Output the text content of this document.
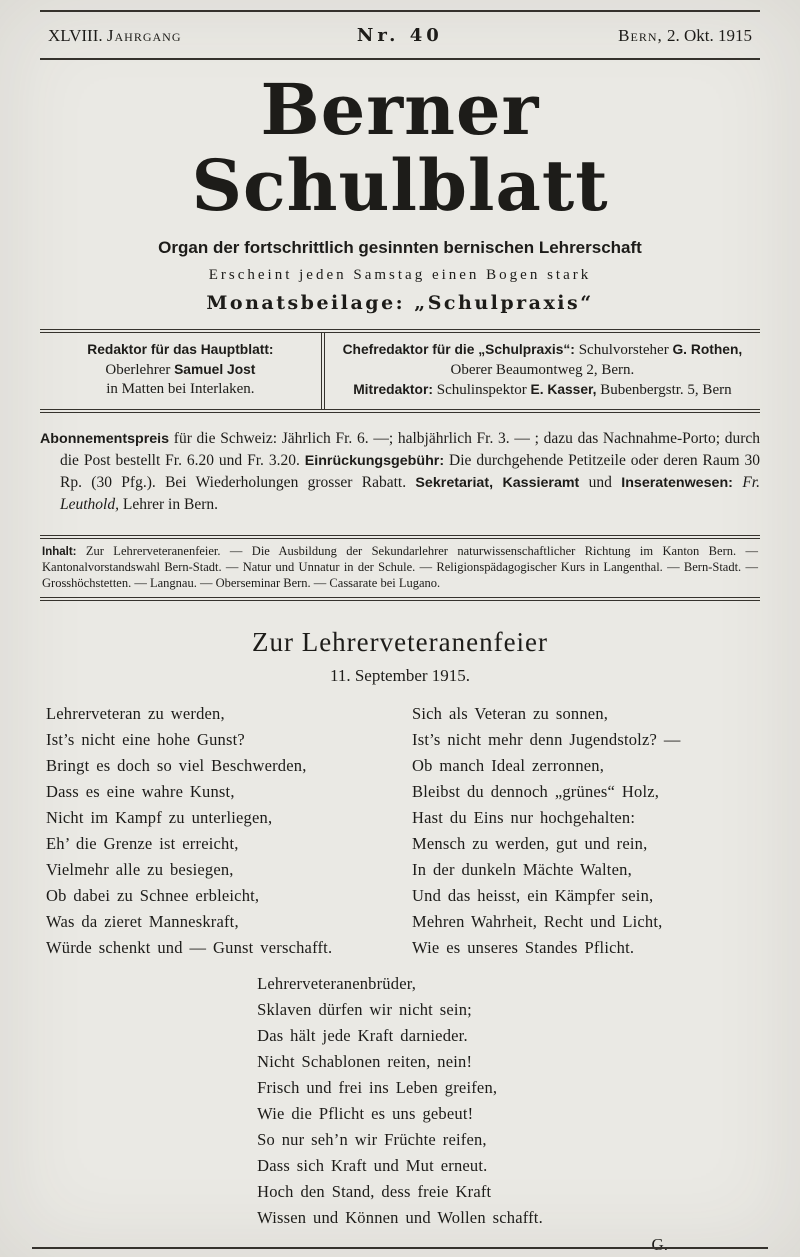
XLVIII. Jahrgang	Nr. 40	Bern, 2. Okt. 1915
Berner Schulblatt
Organ der fortschrittlich gesinnten bernischen Lehrerschaft
Erscheint jeden Samstag einen Bogen stark
Monatsbeilage: „Schulpraxis“
Redaktor für das Hauptblatt:
Oberlehrer Samuel Jost
in Matten bei Interlaken.
Chefredaktor für die „Schulpraxis“: Schulvorsteher G. Rothen,
Oberer Beaumontweg 2, Bern.
Mitredaktor: Schulinspektor E. Kasser, Bubenbergstr. 5, Bern

Abonnementspreis für die Schweiz: Jährlich Fr. 6. —; halbjährlich Fr. 3. — ; dazu das Nachnahme-Porto; durch die Post bestellt Fr. 6.20 und Fr. 3.20. Einrückungsgebühr: Die durchgehende Petitzeile oder deren Raum 30 Rp. (30 Pfg.). Bei Wiederholungen grosser Rabatt. Sekretariat, Kassieramt und Inseratenwesen: Fr. Leuthold, Lehrer in Bern.

Inhalt: Zur Lehrerveteranenfeier. — Die Ausbildung der Sekundarlehrer naturwissenschaftlicher Richtung im Kanton Bern. — Kantonalvorstandswahl Bern-Stadt. — Natur und Unnatur in der Schule. — Religionspädagogischer Kurs in Langenthal. — Bern-Stadt. — Grosshöchstetten. — Langnau. — Oberseminar Bern. — Cassarate bei Lugano.
Zur Lehrerveteranenfeier
11. September 1915.
Lehrerveteran zu werden,
Ist’s nicht eine hohe Gunst?
Bringt es doch so viel Beschwerden,
Dass es eine wahre Kunst,
Nicht im Kampf zu unterliegen,
Eh’ die Grenze ist erreicht,
Vielmehr alle zu besiegen,
Ob dabei zu Schnee erbleicht,
Was da zieret Manneskraft,
Würde schenkt und — Gunst verschafft.
Sich als Veteran zu sonnen,
Ist’s nicht mehr denn Jugendstolz? —
Ob manch Ideal zerronnen,
Bleibst du dennoch „grünes“ Holz,
Hast du Eins nur hochgehalten:
Mensch zu werden, gut und rein,
In der dunkeln Mächte Walten,
Und das heisst, ein Kämpfer sein,
Mehren Wahrheit, Recht und Licht,
Wie es unseres Standes Pflicht.
Lehrerveteranenbrüder,
Sklaven dürfen wir nicht sein;
Das hält jede Kraft darnieder.
Nicht Schablonen reiten, nein!
Frisch und frei ins Leben greifen,
Wie die Pflicht es uns gebeut!
So nur seh’n wir Früchte reifen,
Dass sich Kraft und Mut erneut.
Hoch den Stand, dess freie Kraft
Wissen und Können und Wollen schafft.
G.
